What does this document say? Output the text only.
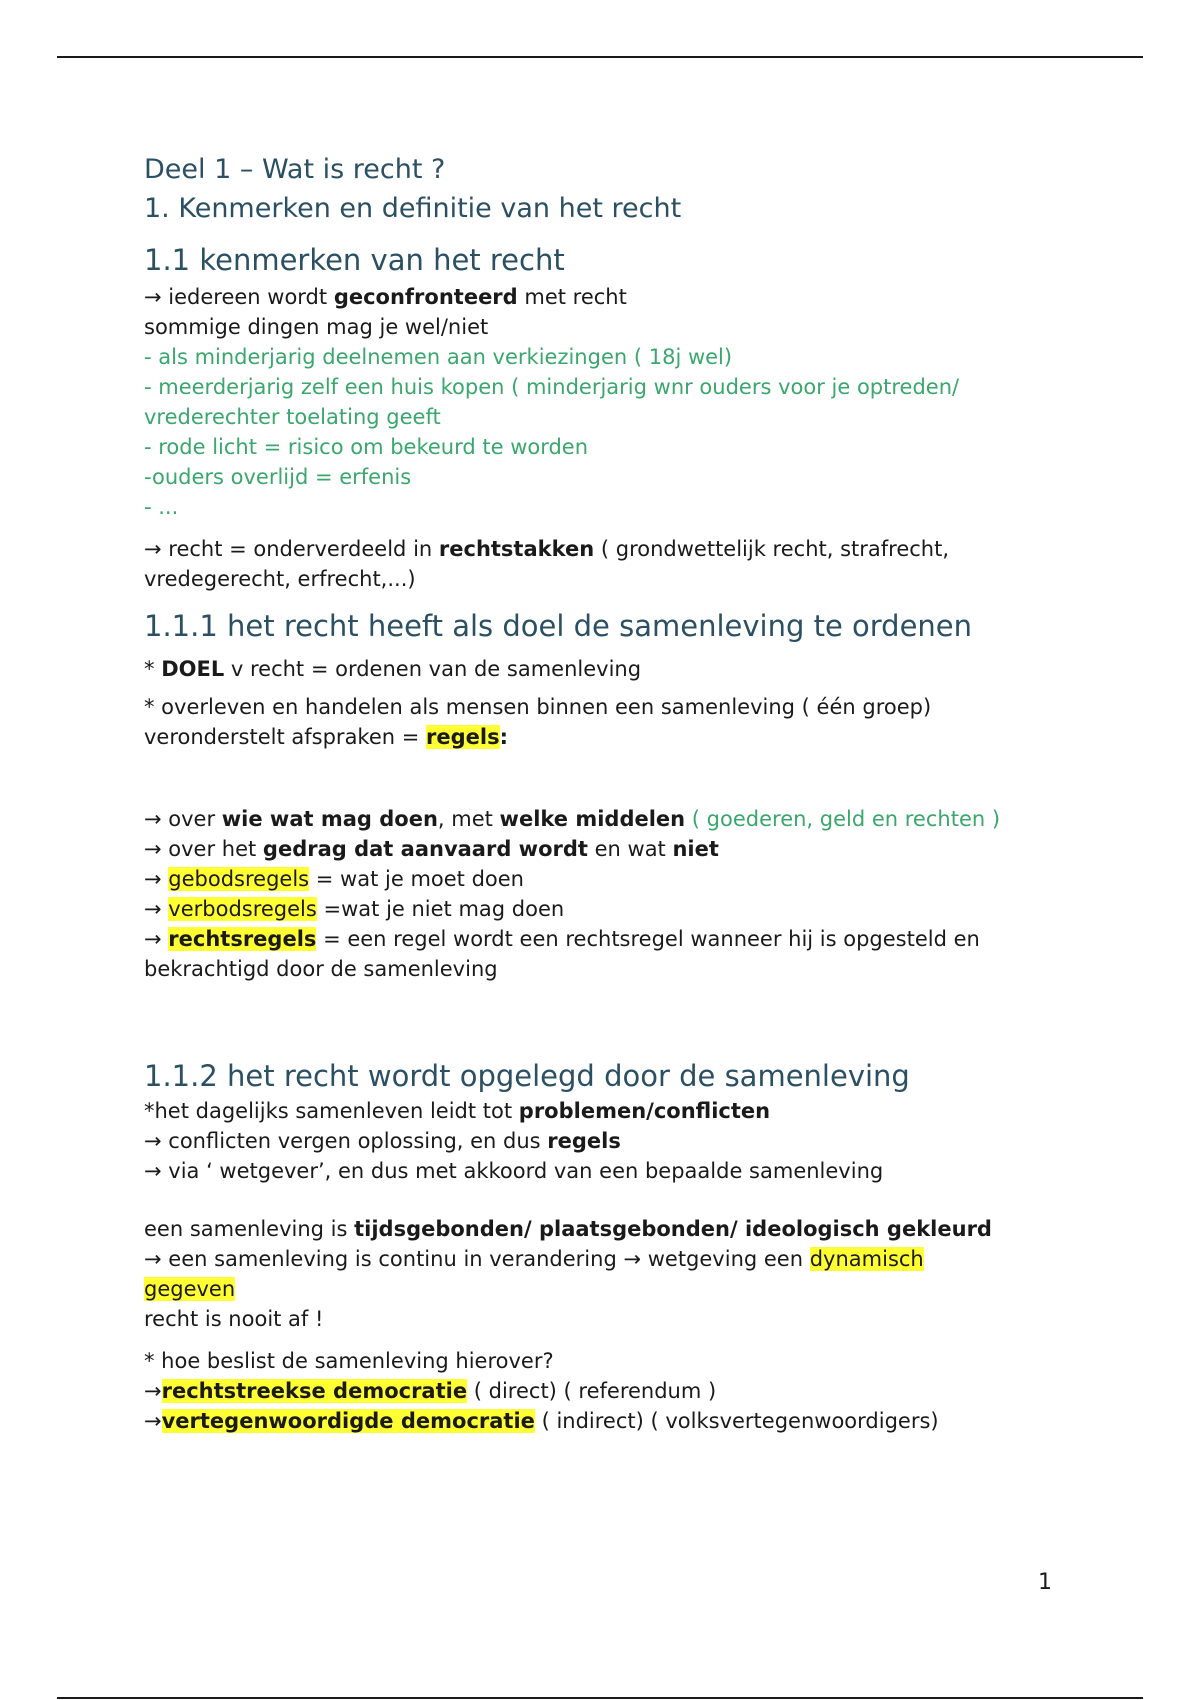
Deel 1 – Wat is recht ?

1. Kenmerken en definitie van het recht

1.1 kenmerken van het recht

→ iedereen wordt geconfronteerd met recht

sommige dingen mag je wel/niet

- als minderjarig deelnemen aan verkiezingen ( 18j wel)

- meerderjarig zelf een huis kopen ( minderjarig wnr ouders voor je optreden/

vrederechter toelating geeft

- rode licht = risico om bekeurd te worden

-ouders overlijd = erfenis

- ...

→ recht = onderverdeeld in rechtstakken ( grondwettelijk recht, strafrecht,

vredegerecht, erfrecht,...)

1.1.1 het recht heeft als doel de samenleving te ordenen

* DOEL v recht = ordenen van de samenleving

* overleven en handelen als mensen binnen een samenleving ( één groep)

veronderstelt afspraken = regels:

→ over wie wat mag doen, met welke middelen ( goederen, geld en rechten )

→ over het gedrag dat aanvaard wordt en wat niet

→ gebodsregels = wat je moet doen

→ verbodsregels =wat je niet mag doen

→ rechtsregels = een regel wordt een rechtsregel wanneer hij is opgesteld en

bekrachtigd door de samenleving

1.1.2 het recht wordt opgelegd door de samenleving

*het dagelijks samenleven leidt tot problemen/conflicten

→ conflicten vergen oplossing, en dus regels

→ via ‘ wetgever’, en dus met akkoord van een bepaalde samenleving

een samenleving is tijdsgebonden/ plaatsgebonden/ ideologisch gekleurd

→ een samenleving is continu in verandering → wetgeving een dynamisch

gegeven

recht is nooit af !

* hoe beslist de samenleving hierover?

→rechtstreekse democratie ( direct) ( referendum )

→vertegenwoordigde democratie ( indirect) ( volksvertegenwoordigers)

1
